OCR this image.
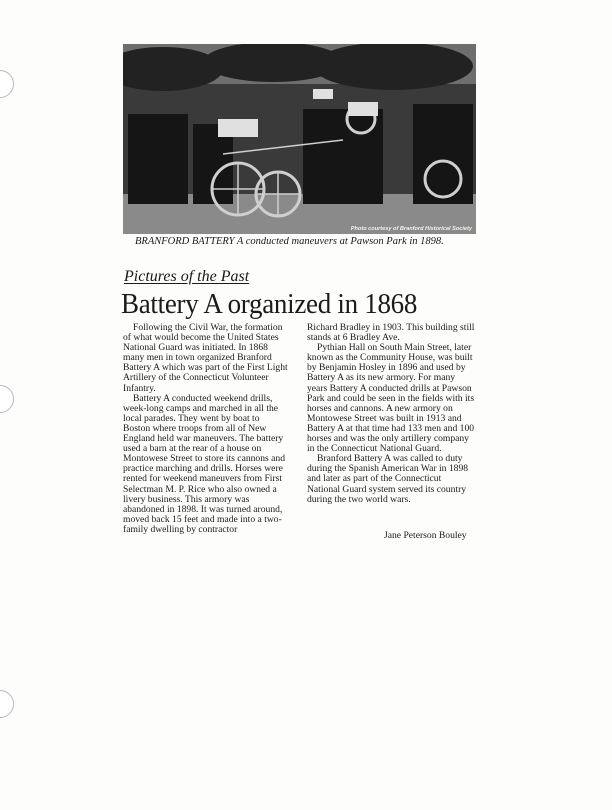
Photo courtesy of Branford Historical Society
BRANFORD BATTERY A conducted maneuvers at Pawson Park in 1898.
Pictures of the Past
Battery A organized in 1868

Following the Civil War, the formation of what would become the United States National Guard was initiated. In 1868 many men in town organized Branford Battery A which was part of the First Light Artillery of the Connecticut Volunteer Infantry.

Battery A conducted weekend drills, week-long camps and marched in all the local parades. They went by boat to Boston where troops from all of New England held war maneuvers. The battery used a barn at the rear of a house on Montowese Street to store its cannons and practice marching and drills. Horses were rented for weekend maneuvers from First Selectman M. P. Rice who also owned a livery business. This armory was abandoned in 1898. It was turned around, moved back 15 feet and made into a two-family dwelling by contractor

Richard Bradley in 1903. This building still stands at 6 Bradley Ave.

Pythian Hall on South Main Street, later known as the Community House, was built by Benjamin Hosley in 1896 and used by Battery A as its new armory. For many years Battery A conducted drills at Pawson Park and could be seen in the fields with its horses and cannons. A new armory on Montowese Street was built in 1913 and Battery A at that time had 133 men and 100 horses and was the only artillery company in the Connecticut National Guard.

Branford Battery A was called to duty during the Spanish American War in 1898 and later as part of the Connecticut National Guard system served its country during the two world wars.

Jane Peterson Bouley
